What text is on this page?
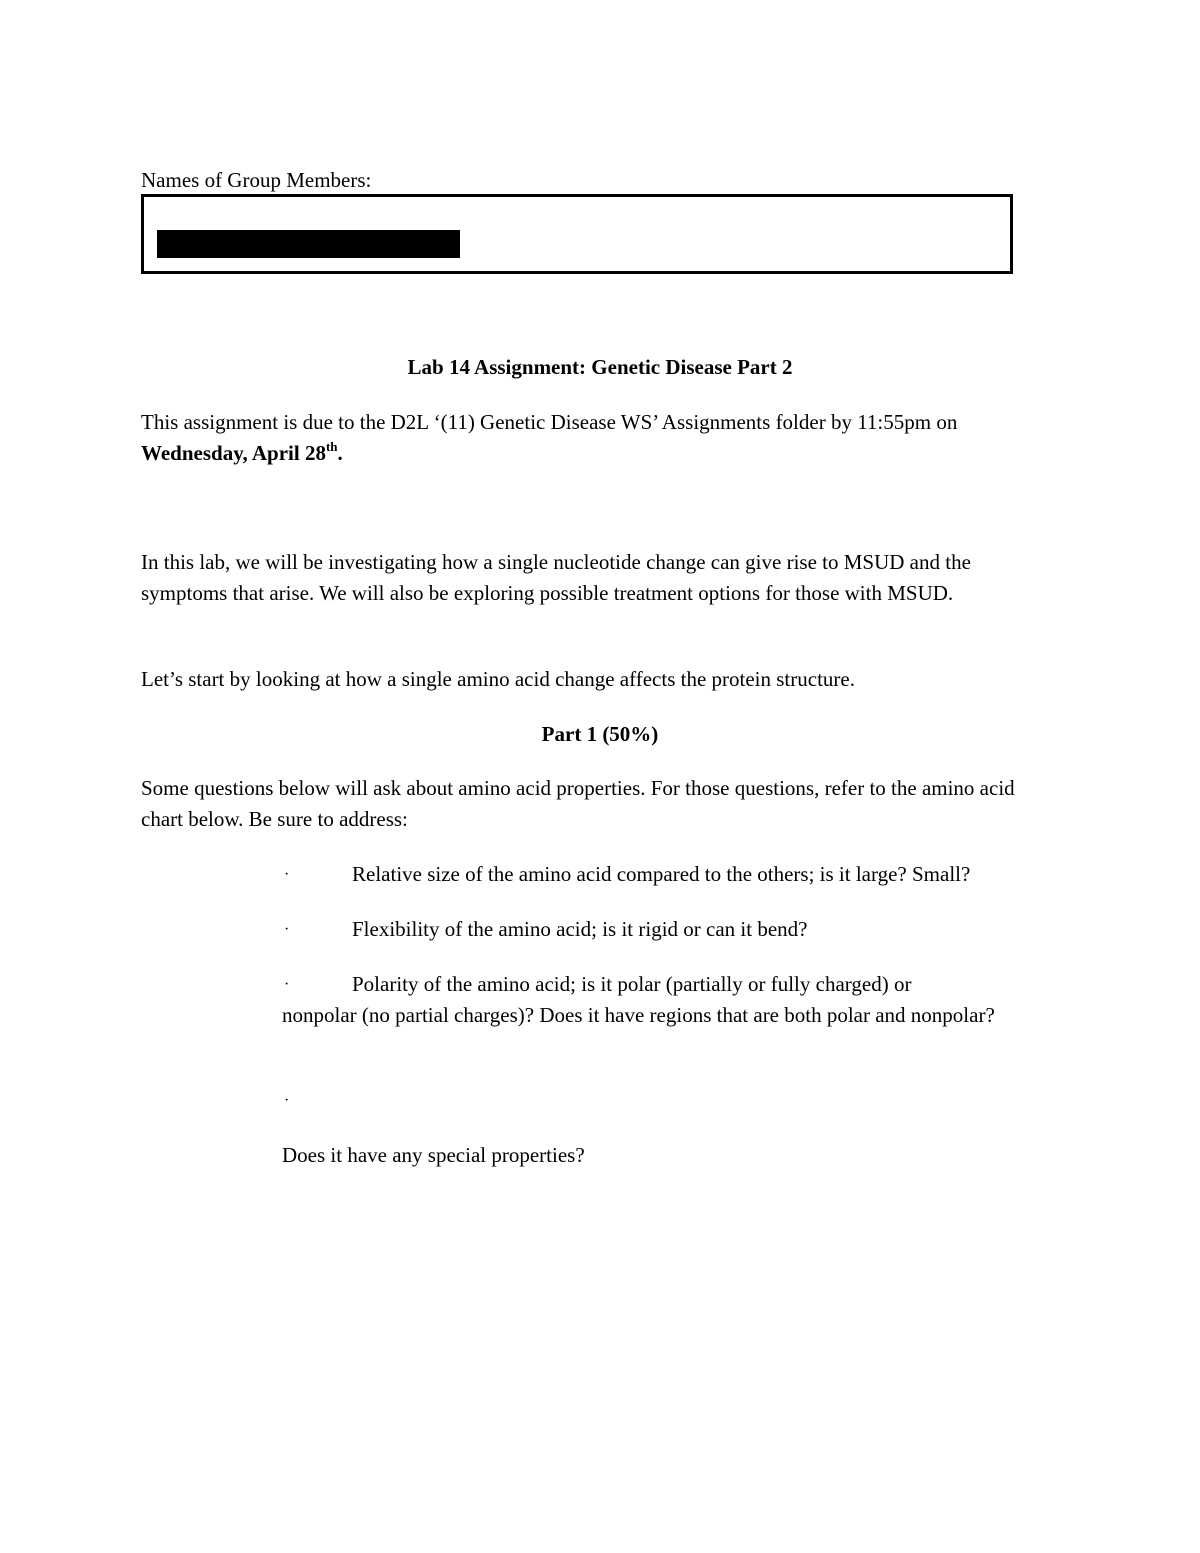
Names of Group Members:
Lab 14 Assignment: Genetic Disease Part 2
This assignment is due to the D2L ‘(11) Genetic Disease WS’ Assignments folder by 11:55pm on Wednesday, April 28th.
In this lab, we will be investigating how a single nucleotide change can give rise to MSUD and the symptoms that arise. We will also be exploring possible treatment options for those with MSUD.
Let’s start by looking at how a single amino acid change affects the protein structure.
Part 1 (50%)
Some questions below will ask about amino acid properties. For those questions, refer to the amino acid chart below. Be sure to address:
·	Relative size of the amino acid compared to the others; is it large? Small?
·	Flexibility of the amino acid; is it rigid or can it bend?
·	Polarity of the amino acid; is it polar (partially or fully charged) or
nonpolar (no partial charges)? Does it have regions that are both polar and nonpolar?
·
Does it have any special properties?
